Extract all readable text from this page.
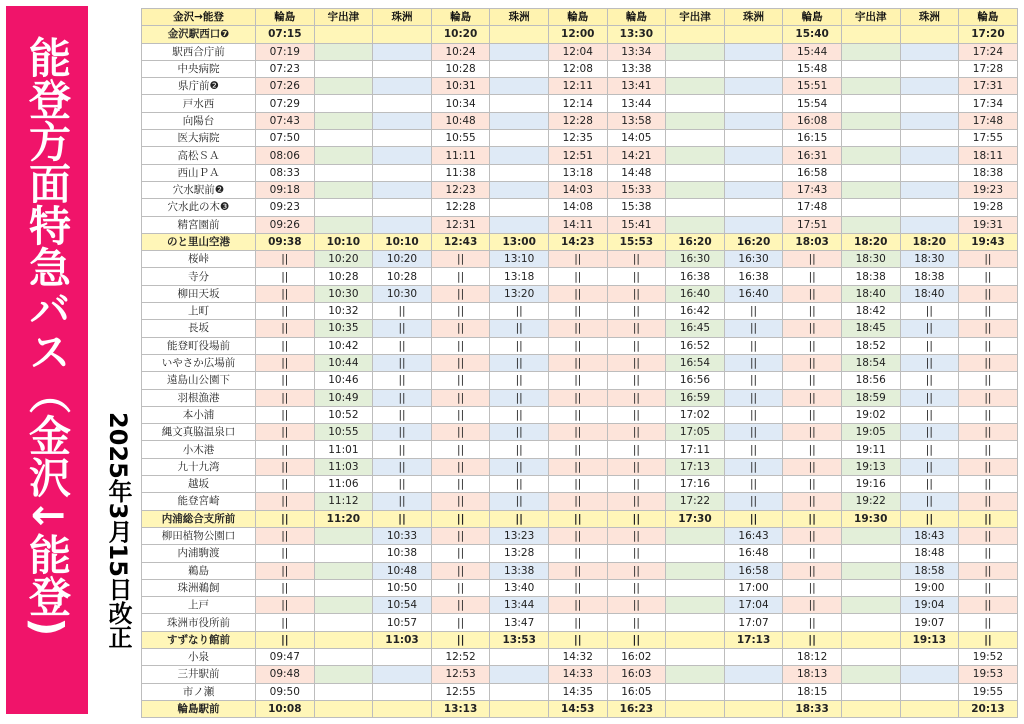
能登方面特急バス（金沢↓能登)	2025年3月15日改正
金沢→能登	輪島	宇出津	珠洲	輪島	珠洲	輪島	輪島	宇出津	珠洲	輪島	宇出津	珠洲	輪島
金沢駅西口❼	07:15			10:20		12:00	13:30			15:40			17:20
駅西合庁前	07:19			10:24		12:04	13:34			15:44			17:24
中央病院	07:23			10:28		12:08	13:38			15:48			17:28
県庁前❷	07:26			10:31		12:11	13:41			15:51			17:31
戸水西	07:29			10:34		12:14	13:44			15:54			17:34
向陽台	07:43			10:48		12:28	13:58			16:08			17:48
医大病院	07:50			10:55		12:35	14:05			16:15			17:55
高松ＳＡ	08:06			11:11		12:51	14:21			16:31			18:11
西山ＰＡ	08:33			11:38		13:18	14:48			16:58			18:38
穴水駅前❷	09:18			12:23		14:03	15:33			17:43			19:23
穴水此の木❸	09:23			12:28		14:08	15:38			17:48			19:28
精宮園前	09:26			12:31		14:11	15:41			17:51			19:31
のと里山空港	09:38	10:10	10:10	12:43	13:00	14:23	15:53	16:20	16:20	18:03	18:20	18:20	19:43
桜峠	||	10:20	10:20	||	13:10	||	||	16:30	16:30	||	18:30	18:30	||
寺分	||	10:28	10:28	||	13:18	||	||	16:38	16:38	||	18:38	18:38	||
柳田天坂	||	10:30	10:30	||	13:20	||	||	16:40	16:40	||	18:40	18:40	||
上町	||	10:32	||	||	||	||	||	16:42	||	||	18:42	||	||
長坂	||	10:35	||	||	||	||	||	16:45	||	||	18:45	||	||
能登町役場前	||	10:42	||	||	||	||	||	16:52	||	||	18:52	||	||
いやさか広場前	||	10:44	||	||	||	||	||	16:54	||	||	18:54	||	||
遠島山公園下	||	10:46	||	||	||	||	||	16:56	||	||	18:56	||	||
羽根漁港	||	10:49	||	||	||	||	||	16:59	||	||	18:59	||	||
本小浦	||	10:52	||	||	||	||	||	17:02	||	||	19:02	||	||
縄文真脇温泉口	||	10:55	||	||	||	||	||	17:05	||	||	19:05	||	||
小木港	||	11:01	||	||	||	||	||	17:11	||	||	19:11	||	||
九十九湾	||	11:03	||	||	||	||	||	17:13	||	||	19:13	||	||
越坂	||	11:06	||	||	||	||	||	17:16	||	||	19:16	||	||
能登宮崎	||	11:12	||	||	||	||	||	17:22	||	||	19:22	||	||
内浦総合支所前	||	11:20	||	||	||	||	||	17:30	||	||	19:30	||	||
柳田植物公園口	||		10:33	||	13:23	||	||		16:43	||		18:43	||
内浦駒渡	||		10:38	||	13:28	||	||		16:48	||		18:48	||
鵜島	||		10:48	||	13:38	||	||		16:58	||		18:58	||
珠洲鵜飼	||		10:50	||	13:40	||	||		17:00	||		19:00	||
上戸	||		10:54	||	13:44	||	||		17:04	||		19:04	||
珠洲市役所前	||		10:57	||	13:47	||	||		17:07	||		19:07	||
すずなり館前	||		11:03	||	13:53	||	||		17:13	||		19:13	||
小泉	09:47			12:52		14:32	16:02			18:12			19:52
三井駅前	09:48			12:53		14:33	16:03			18:13			19:53
市ノ瀬	09:50			12:55		14:35	16:05			18:15			19:55
輪島駅前	10:08			13:13		14:53	16:23			18:33			20:13
